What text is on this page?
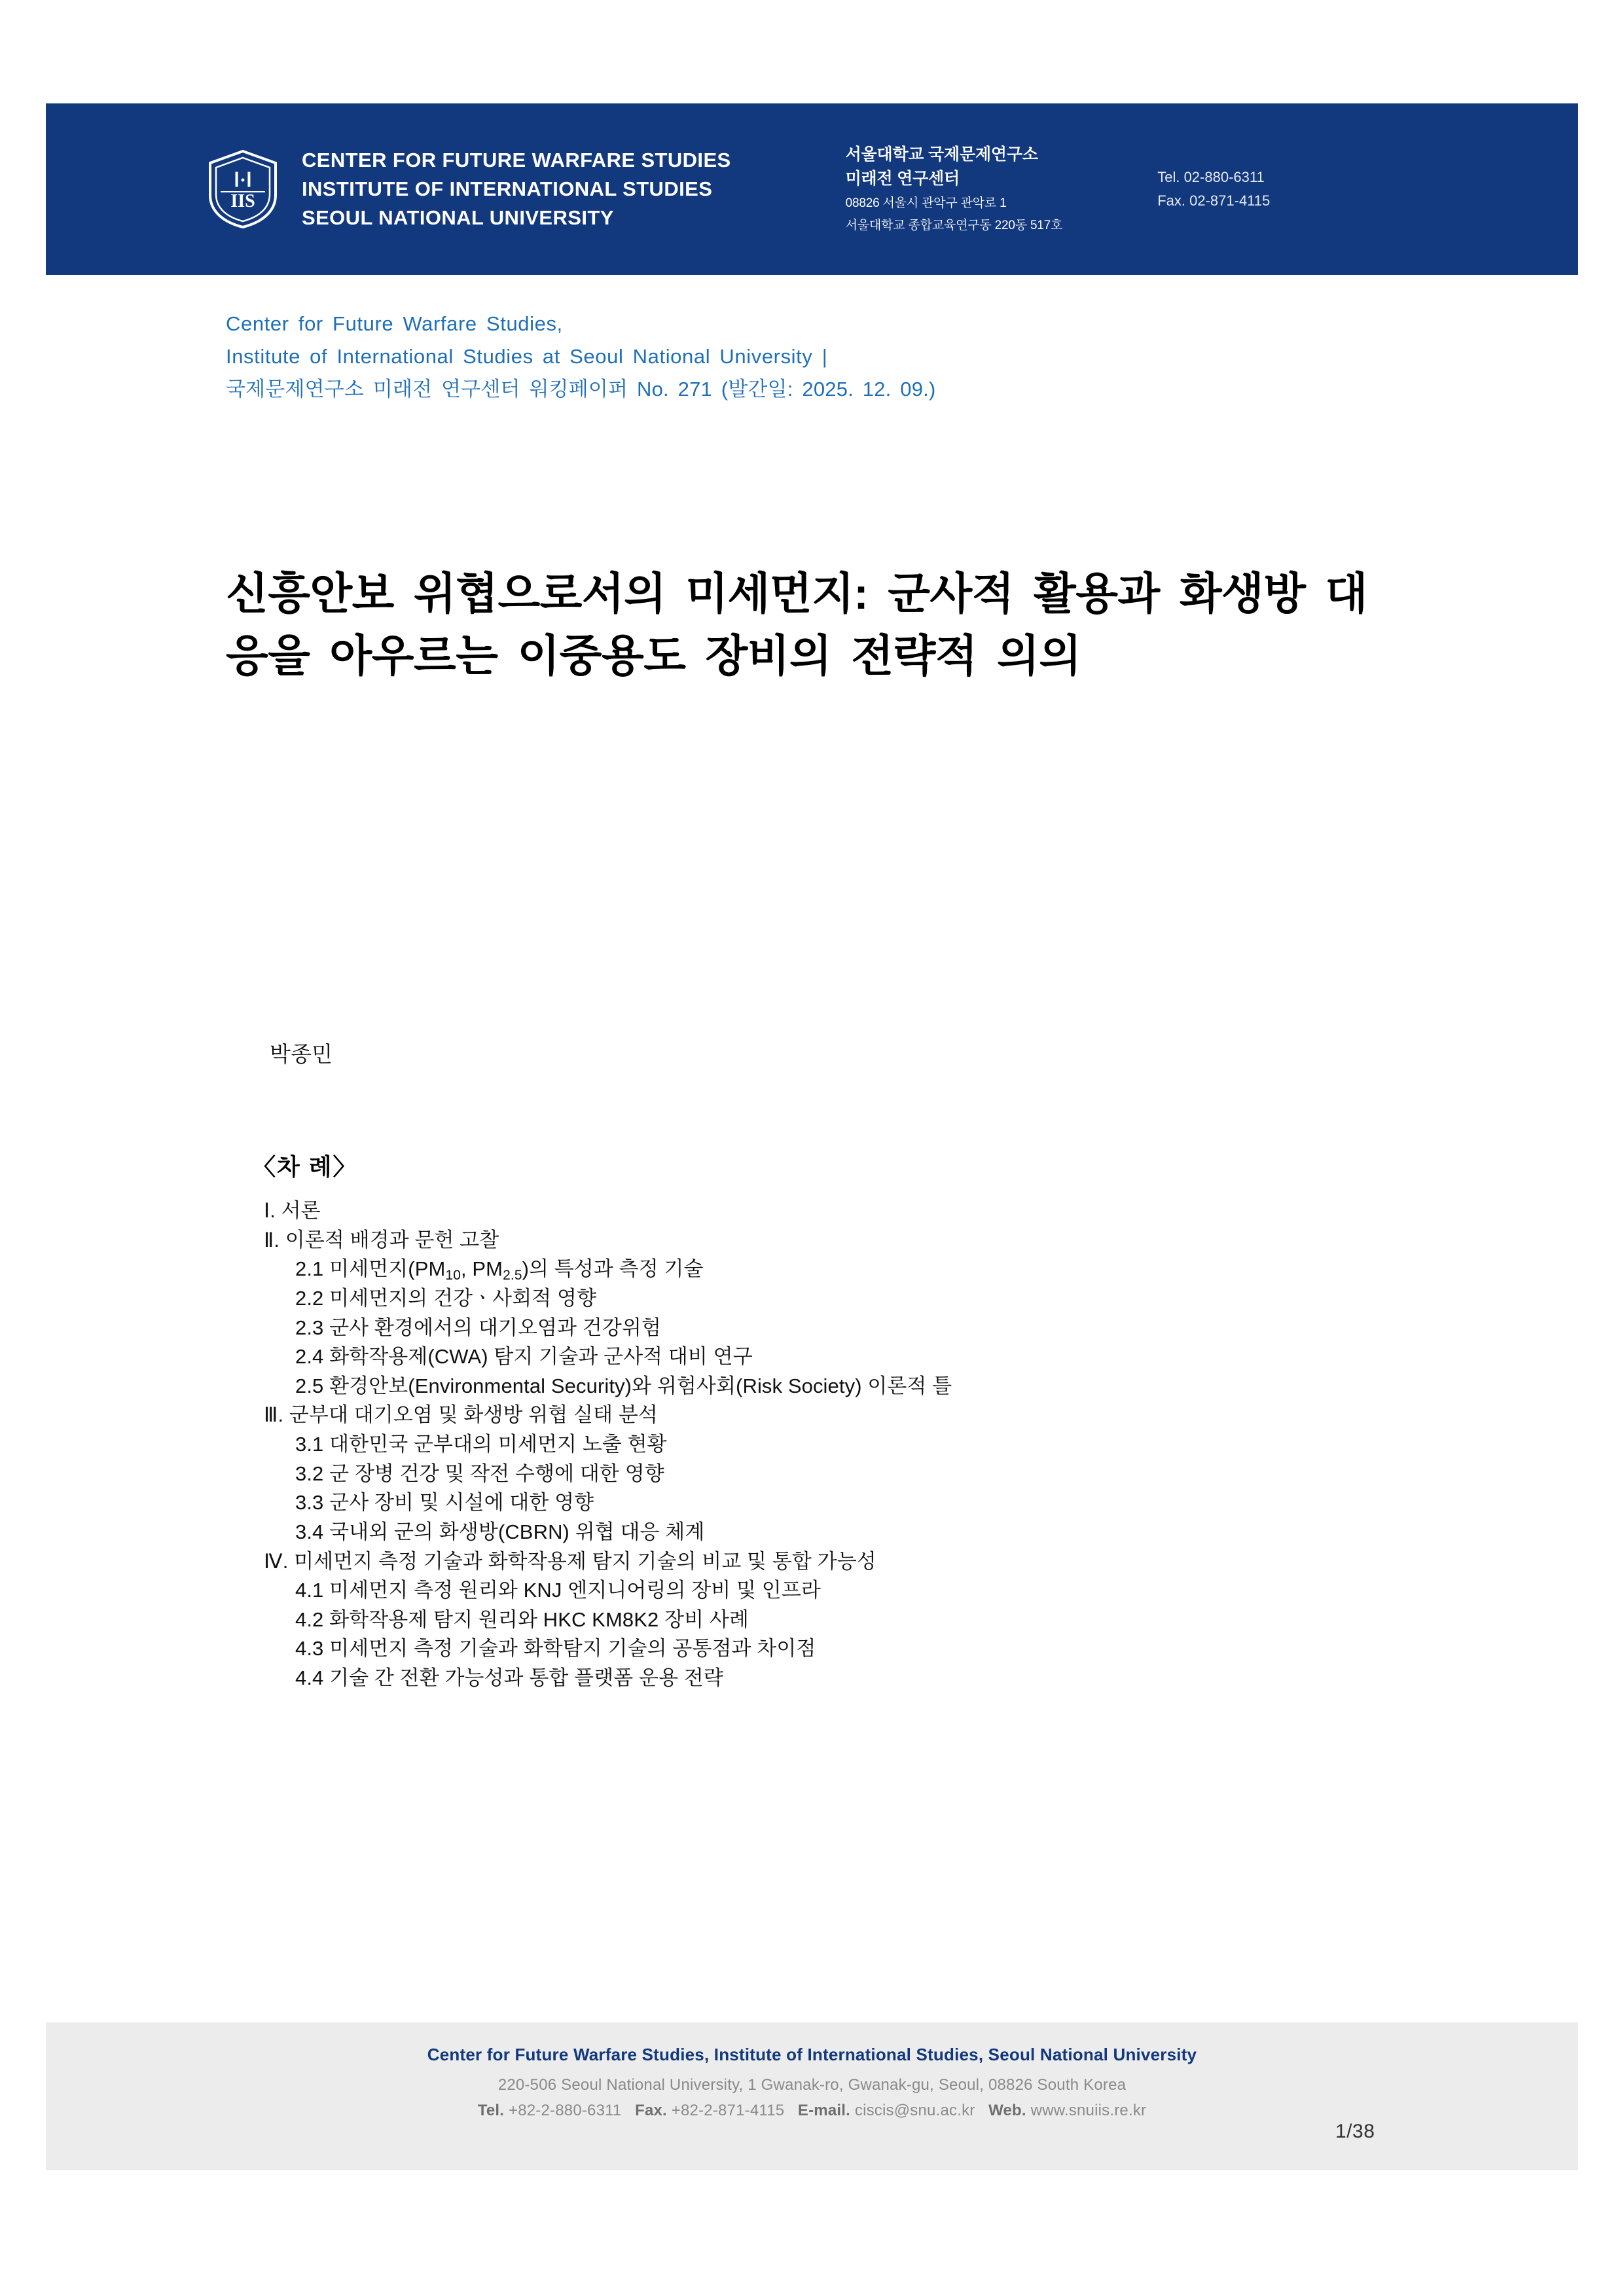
Ⅰ·Ⅰ
IIS
CENTER FOR FUTURE WARFARE STUDIES
INSTITUTE OF INTERNATIONAL STUDIES
SEOUL NATIONAL UNIVERSITY
서울대학교 국제문제연구소
미래전 연구센터
08826 서울시 관악구 관악로 1
서울대학교 종합교육연구동 220동 517호
Tel. 02-880-6311
Fax. 02-871-4115
Center for Future Warfare Studies,
Institute of International Studies at Seoul National University |
국제문제연구소 미래전 연구센터 워킹페이퍼 No. 271 (발간일: 2025. 12. 09.)
신흥안보 위협으로서의 미세먼지: 군사적 활용과 화생방 대응을 아우르는 이중용도 장비의 전략적 의의
박종민
〈차 례〉
Ⅰ. 서론
Ⅱ. 이론적 배경과 문헌 고찰
2.1 미세먼지($PM_{10}$, $PM_{2.5}$)의 특성과 측정 기술
2.2 미세먼지의 건강ㆍ사회적 영향
2.3 군사 환경에서의 대기오염과 건강위험
2.4 화학작용제(CWA) 탐지 기술과 군사적 대비 연구
2.5 환경안보(Environmental Security)와 위험사회(Risk Society) 이론적 틀
Ⅲ. 군부대 대기오염 및 화생방 위협 실태 분석
3.1 대한민국 군부대의 미세먼지 노출 현황
3.2 군 장병 건강 및 작전 수행에 대한 영향
3.3 군사 장비 및 시설에 대한 영향
3.4 국내외 군의 화생방(CBRN) 위협 대응 체계
Ⅳ. 미세먼지 측정 기술과 화학작용제 탐지 기술의 비교 및 통합 가능성
4.1 미세먼지 측정 원리와 KNJ 엔지니어링의 장비 및 인프라
4.2 화학작용제 탐지 원리와 HKC KM8K2 장비 사례
4.3 미세먼지 측정 기술과 화학탐지 기술의 공통점과 차이점
4.4 기술 간 전환 가능성과 통합 플랫폼 운용 전략
Center for Future Warfare Studies, Institute of International Studies, Seoul National University
220-506 Seoul National University, 1 Gwanak-ro, Gwanak-gu, Seoul, 08826 South Korea
Tel. +82-2-880-6311 Fax. +82-2-871-4115 E-mail. ciscis@snu.ac.kr Web. www.snuiis.re.kr
1/38
